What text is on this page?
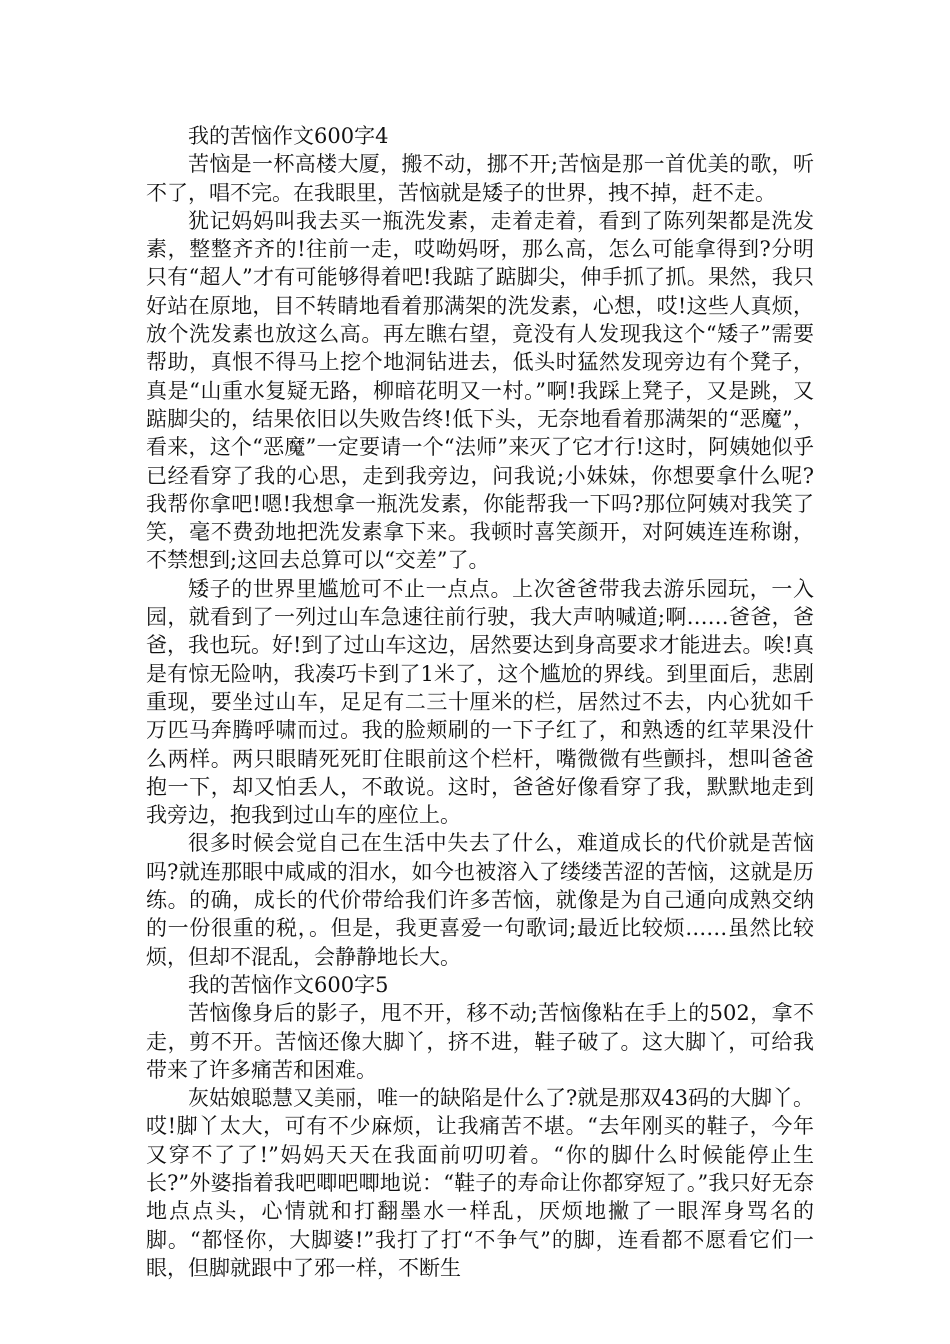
我的苦恼作文600字4

苦恼是一杯高楼大厦，搬不动，挪不开;苦恼是那一首优美的歌，听不了，唱不完。在我眼里，苦恼就是矮子的世界，拽不掉，赶不走。

犹记妈妈叫我去买一瓶洗发素，走着走着，看到了陈列架都是洗发素，整整齐齐的!往前一走，哎呦妈呀，那么高，怎么可能拿得到?分明只有“超人”才有可能够得着吧!我踮了踮脚尖，伸手抓了抓。果然，我只好站在原地，目不转睛地看着那满架的洗发素，心想，哎!这些人真烦，放个洗发素也放这么高。再左瞧右望，竟没有人发现我这个“矮子”需要帮助，真恨不得马上挖个地洞钻进去，低头时猛然发现旁边有个凳子，真是“山重水复疑无路，柳暗花明又一村。”啊!我踩上凳子，又是跳，又踮脚尖的，结果依旧以失败告终!低下头，无奈地看着那满架的“恶魔”，看来，这个“恶魔”一定要请一个“法师”来灭了它才行!这时，阿姨她似乎已经看穿了我的心思，走到我旁边，问我说;小妹妹，你想要拿什么呢?我帮你拿吧!嗯!我想拿一瓶洗发素，你能帮我一下吗?那位阿姨对我笑了笑，毫不费劲地把洗发素拿下来。我顿时喜笑颜开，对阿姨连连称谢，不禁想到;这回去总算可以“交差”了。

矮子的世界里尴尬可不止一点点。上次爸爸带我去游乐园玩，一入园，就看到了一列过山车急速往前行驶，我大声呐喊道;啊……爸爸，爸爸，我也玩。好!到了过山车这边，居然要达到身高要求才能进去。唉!真是有惊无险呐，我凑巧卡到了1米了，这个尴尬的界线。到里面后，悲剧重现，要坐过山车，足足有二三十厘米的栏，居然过不去，内心犹如千万匹马奔腾呼啸而过。我的脸颊刷的一下子红了，和熟透的红苹果没什么两样。两只眼睛死死盯住眼前这个栏杆，嘴微微有些颤抖，想叫爸爸抱一下，却又怕丢人，不敢说。这时，爸爸好像看穿了我，默默地走到我旁边，抱我到过山车的座位上。

很多时候会觉自己在生活中失去了什么，难道成长的代价就是苦恼吗?就连那眼中咸咸的泪水，如今也被溶入了缕缕苦涩的苦恼，这就是历练。的确，成长的代价带给我们许多苦恼，就像是为自己通向成熟交纳的一份很重的税，。但是，我更喜爱一句歌词;最近比较烦……虽然比较烦，但却不混乱，会静静地长大。

我的苦恼作文600字5

苦恼像身后的影子，甩不开，移不动;苦恼像粘在手上的502，拿不走，剪不开。苦恼还像大脚丫，挤不进，鞋子破了。这大脚丫，可给我带来了许多痛苦和困难。

灰姑娘聪慧又美丽，唯一的缺陷是什么了?就是那双43码的大脚丫。哎!脚丫太大，可有不少麻烦，让我痛苦不堪。“去年刚买的鞋子，今年又穿不了了!”妈妈天天在我面前叨叨着。“你的脚什么时候能停止生长?”外婆指着我吧唧吧唧地说：“鞋子的寿命让你都穿短了。”我只好无奈地点点头，心情就和打翻墨水一样乱，厌烦地撇了一眼浑身骂名的脚。“都怪你，大脚婆!”我打了打“不争气”的脚，连看都不愿看它们一眼，但脚就跟中了邪一样，不断生
